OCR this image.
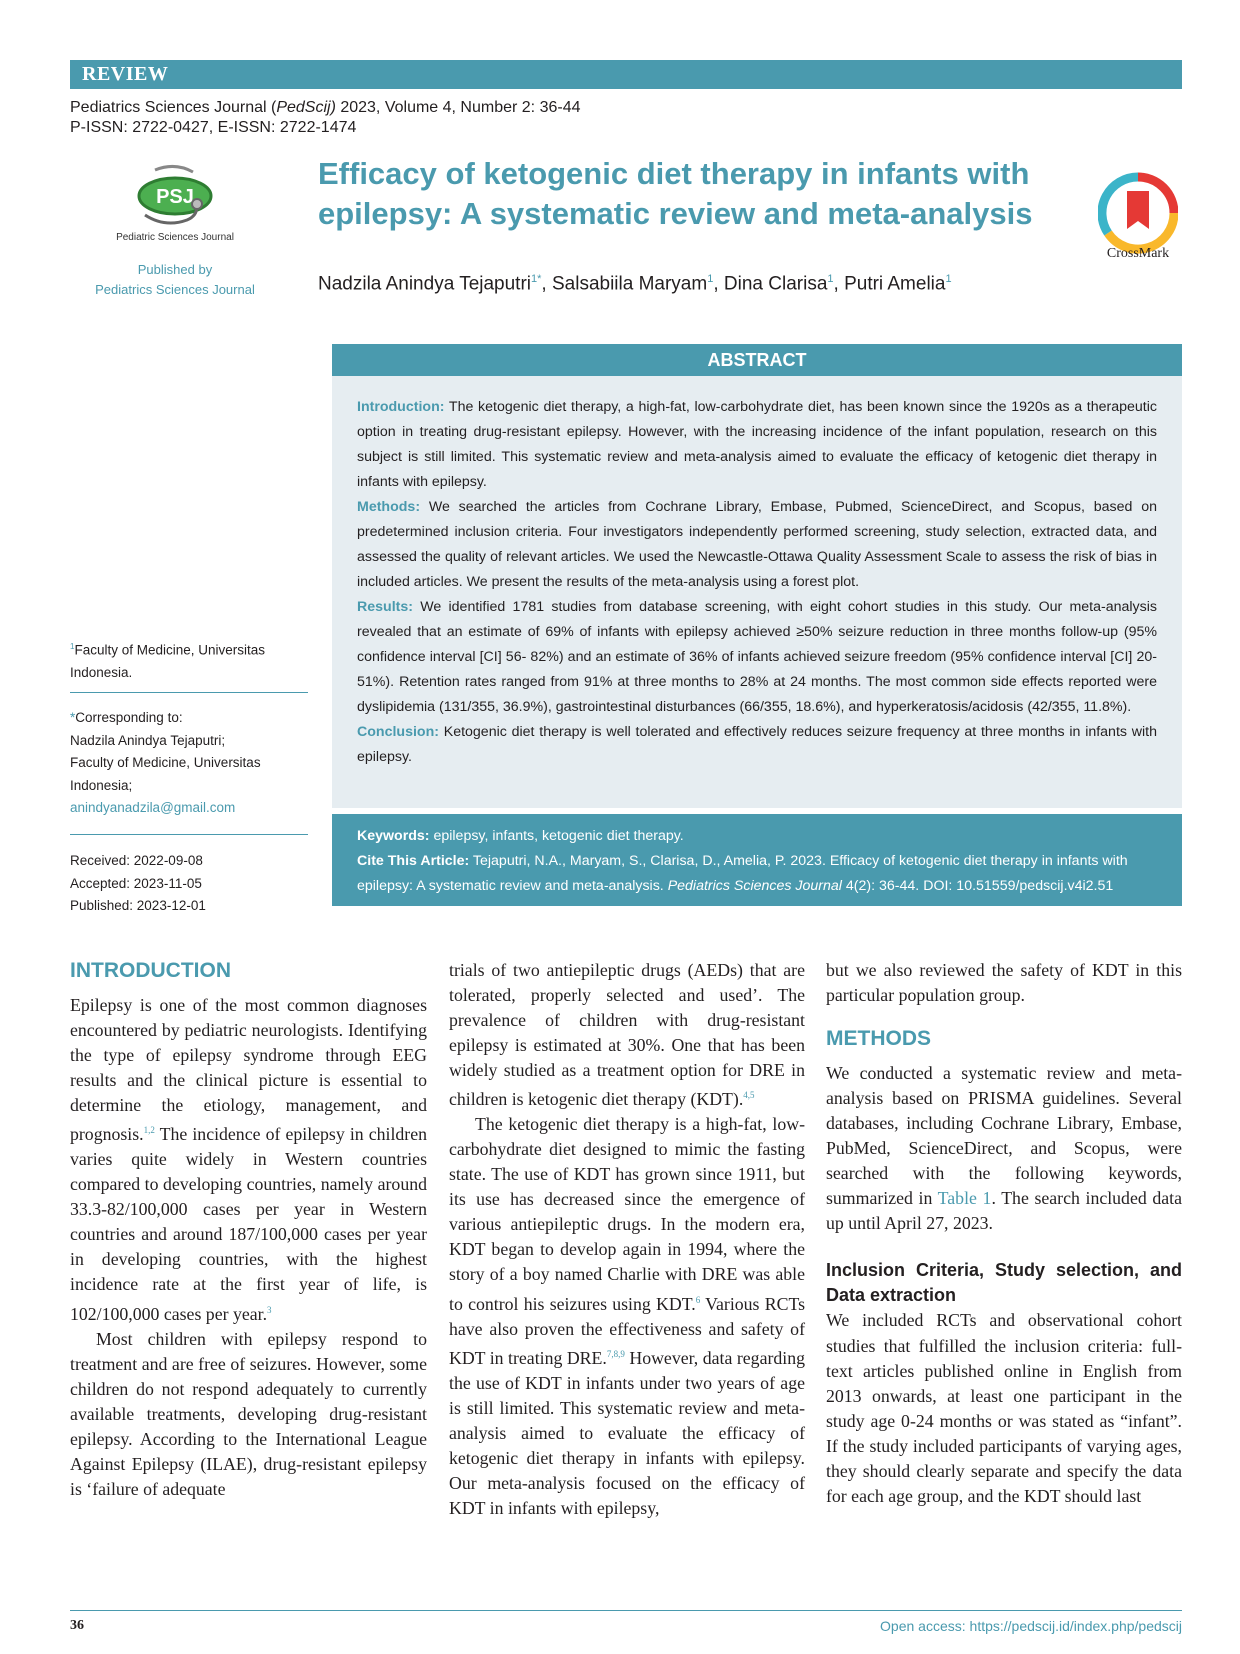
REVIEW
Pediatrics Sciences Journal (PedScij) 2023, Volume 4, Number 2: 36-44
P-ISSN: 2722-0427, E-ISSN: 2722-1474
PSJ
Pediatric Sciences Journal
Published by
Pediatrics Sciences Journal
Efficacy of ketogenic diet therapy in infants with
epilepsy: A systematic review and meta-analysis
CrossMark
Nadzila Anindya Tejaputri$^{1*}$, Salsabiila Maryam$^1$, Dina Clarisa$^1$, Putri Amelia$^1$
ABSTRACT

Introduction: The ketogenic diet therapy, a high-fat, low-carbohydrate diet, has been known since the 1920s as a therapeutic option in treating drug-resistant epilepsy. However, with the increasing incidence of the infant population, research on this subject is still limited. This systematic review and meta-analysis aimed to evaluate the efficacy of ketogenic diet therapy in infants with epilepsy.

Methods: We searched the articles from Cochrane Library, Embase, Pubmed, ScienceDirect, and Scopus, based on predetermined inclusion criteria. Four investigators independently performed screening, study selection, extracted data, and assessed the quality of relevant articles. We used the Newcastle-Ottawa Quality Assessment Scale to assess the risk of bias in included articles. We present the results of the meta-analysis using a forest plot.

Results: We identified 1781 studies from database screening, with eight cohort studies in this study. Our meta-analysis revealed that an estimate of 69% of infants with epilepsy achieved ≥50% seizure reduction in three months follow-up (95% confidence interval [CI] 56- 82%) and an estimate of 36% of infants achieved seizure freedom (95% confidence interval [CI] 20- 51%). Retention rates ranged from 91% at three months to 28% at 24 months. The most common side effects reported were dyslipidemia (131/355, 36.9%), gastrointestinal disturbances (66/355, 18.6%), and hyperkeratosis/acidosis (42/355, 11.8%).

Conclusion: Ketogenic diet therapy is well tolerated and effectively reduces seizure frequency at three months in infants with epilepsy.

Keywords: epilepsy, infants, ketogenic diet therapy.

Cite This Article: Tejaputri, N.A., Maryam, S., Clarisa, D., Amelia, P. 2023. Efficacy of ketogenic diet therapy in infants with epilepsy: A systematic review and meta-analysis. Pediatrics Sciences Journal 4(2): 36-44. DOI: 10.51559/pedscij.v4i2.51

$^1$Faculty of Medicine, Universitas Indonesia.
*Corresponding to:
Nadzila Anindya Tejaputri;
Faculty of Medicine, Universitas Indonesia;
anindyanadzila@gmail.com
Received: 2022-09-08
Accepted: 2023-11-05
Published: 2023-12-01
INTRODUCTION

Epilepsy is one of the most common diagnoses encountered by pediatric neurologists. Identifying the type of epilepsy syndrome through EEG results and the clinical picture is essential to determine the etiology, management, and prognosis.$^{1,2}$ The incidence of epilepsy in children varies quite widely in Western countries compared to developing countries, namely around 33.3-82/100,000 cases per year in Western countries and around 187/100,000 cases per year in developing countries, with the highest incidence rate at the first year of life, is 102/100,000 cases per year.$^3$

Most children with epilepsy respond to treatment and are free of seizures. However, some children do not respond adequately to currently available treatments, developing drug-resistant epilepsy. According to the International League Against Epilepsy (ILAE), drug-resistant epilepsy is ‘failure of adequate

trials of two antiepileptic drugs (AEDs) that are tolerated, properly selected and used’. The prevalence of children with drug-resistant epilepsy is estimated at 30%. One that has been widely studied as a treatment option for DRE in children is ketogenic diet therapy (KDT).$^{4,5}$

The ketogenic diet therapy is a high-fat, low-carbohydrate diet designed to mimic the fasting state. The use of KDT has grown since 1911, but its use has decreased since the emergence of various antiepileptic drugs. In the modern era, KDT began to develop again in 1994, where the story of a boy named Charlie with DRE was able to control his seizures using KDT.$^6$ Various RCTs have also proven the effectiveness and safety of KDT in treating DRE.$^{7,8,9}$ However, data regarding the use of KDT in infants under two years of age is still limited. This systematic review and meta-analysis aimed to evaluate the efficacy of ketogenic diet therapy in infants with epilepsy. Our meta-analysis focused on the efficacy of KDT in infants with epilepsy,

but we also reviewed the safety of KDT in this particular population group.

METHODS

We conducted a systematic review and meta-analysis based on PRISMA guidelines. Several databases, including Cochrane Library, Embase, PubMed, ScienceDirect, and Scopus, were searched with the following keywords, summarized in Table 1. The search included data up until April 27, 2023.

Inclusion Criteria, Study selection, and Data extraction

We included RCTs and observational cohort studies that fulfilled the inclusion criteria: full-text articles published online in English from 2013 onwards, at least one participant in the study age 0-24 months or was stated as “infant”. If the study included participants of varying ages, they should clearly separate and specify the data for each age group, and the KDT should last

36	Open access: https://pedscij.id/index.php/pedscij
